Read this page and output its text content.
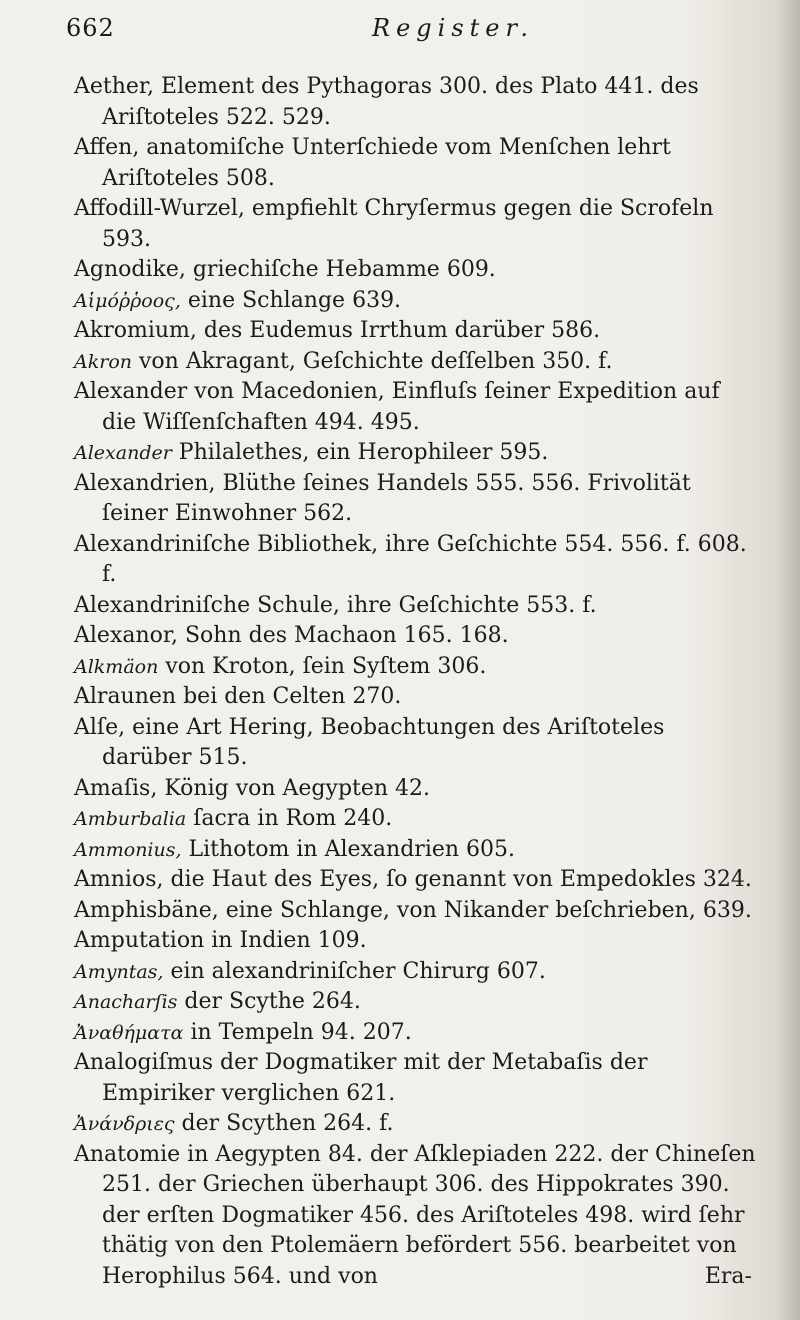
662	Register.

Aether, Element des Pythagoras 300. des Plato 441. des Ariſtoteles 522. 529.

Affen, anatomiſche Unterſchiede vom Menſchen lehrt Ariſtoteles 508.

Affodill-Wurzel, empfiehlt Chryſermus gegen die Scrofeln 593.

Agnodike, griechiſche Hebamme 609.

Αἱμόῤῥοος, eine Schlange 639.

Akromium, des Eudemus Irrthum darüber 586.

Akron von Akragant, Geſchichte deſſelben 350. f.

Alexander von Macedonien, Einfluſs ſeiner Expedition auf die Wiſſenſchaften 494. 495.

Alexander Philalethes, ein Herophileer 595.

Alexandrien, Blüthe ſeines Handels 555. 556. Frivolität ſeiner Einwohner 562.

Alexandriniſche Bibliothek, ihre Geſchichte 554. 556. f. 608. f.

Alexandriniſche Schule, ihre Geſchichte 553. f.

Alexanor, Sohn des Machaon 165. 168.

Alkmäon von Kroton, ſein Syſtem 306.

Alraunen bei den Celten 270.

Alſe, eine Art Hering, Beobachtungen des Ariſtoteles darüber 515.

Amaſis, König von Aegypten 42.

Amburbalia ſacra in Rom 240.

Ammonius, Lithotom in Alexandrien 605.

Amnios, die Haut des Eyes, ſo genannt von Empedokles 324.

Amphisbäne, eine Schlange, von Nikander beſchrieben, 639.

Amputation in Indien 109.

Amyntas, ein alexandriniſcher Chirurg 607.

Anacharſis der Scythe 264.

Ἀναθήματα in Tempeln 94. 207.

Analogiſmus der Dogmatiker mit der Metabaſis der Empiriker verglichen 621.

Ἀνάνδριες der Scythen 264. f.

Anatomie in Aegypten 84. der Aſklepiaden 222. der Chineſen 251. der Griechen überhaupt 306. des Hippokrates 390. der erſten Dogmatiker 456. des Ariſtoteles 498. wird ſehr thätig von den Ptolemäern befördert 556. bearbeitet von Herophilus 564. und von	Era-
